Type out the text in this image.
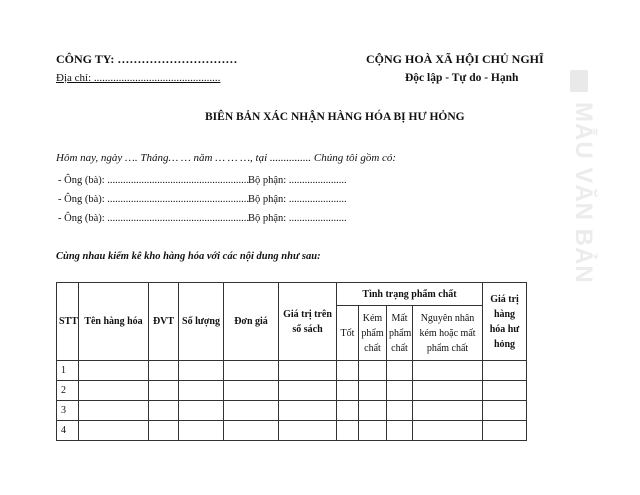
CÔNG TY: …………………………
Địa chỉ: ..............................................
CỘNG HOÀ XÃ HỘI CHỦ NGHĨ
Độc lập - Tự do - Hạnh
BIÊN BẢN XÁC NHẬN HÀNG HÓA BỊ HƯ HỎNG
Hôm nay, ngày …. Tháng… … năm … … …, tại ............... Chúng tôi gồm có:
- Ông (bà): ......................................................
Bộ phận: ......................
- Ông (bà): ......................................................
Bộ phận: ......................
- Ông (bà): ......................................................
Bộ phận: ......................
Cùng nhau kiểm kê kho hàng hóa với các nội dung như sau:
STT	Tên hàng hóa	ĐVT	Số lượng	Đơn giá	Giá trị trên sổ sách	Tình trạng phẩm chất				Giá trị hàng hóa hư hỏng
						Tốt	Kém phẩm chất	Mất phẩm chất	Nguyên nhân kém hoặc mất phẩm chất	
1										
2										
3										
4										
MẪU VĂN BẢN
